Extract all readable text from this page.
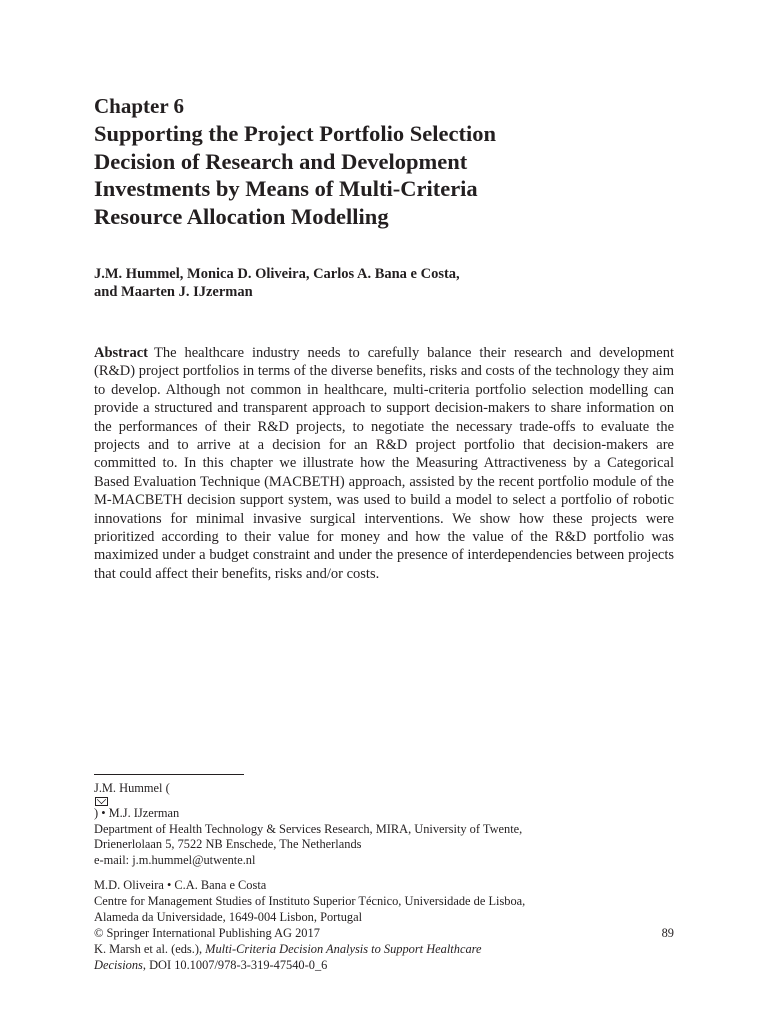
Chapter 6
Supporting the Project Portfolio Selection
Decision of Research and Development
Investments by Means of Multi-Criteria
Resource Allocation Modelling
J.M. Hummel, Monica D. Oliveira, Carlos A. Bana e Costa,
and Maarten J. IJzerman

Abstract The healthcare industry needs to carefully balance their research and development (R&D) project portfolios in terms of the diverse benefits, risks and costs of the technology they aim to develop. Although not common in healthcare, multi-criteria portfolio selection modelling can provide a structured and transparent approach to support decision-makers to share information on the performances of their R&D projects, to negotiate the necessary trade-offs to evaluate the projects and to arrive at a decision for an R&D project portfolio that decision-makers are committed to. In this chapter we illustrate how the Measuring Attractiveness by a Categorical Based Evaluation Technique (MACBETH) approach, assisted by the recent portfolio module of the M-MACBETH decision support system, was used to build a model to select a portfolio of robotic innovations for minimal invasive surgical interventions. We show how these projects were prioritized according to their value for money and how the value of the R&D portfolio was maximized under a budget constraint and under the presence of interdependencies between projects that could affect their benefits, risks and/or costs.

J.M. Hummel (
) • M.J. IJzerman
Department of Health Technology & Services Research, MIRA, University of Twente,
Drienerlolaan 5, 7522 NB Enschede, The Netherlands
e-mail: j.m.hummel@utwente.nl
M.D. Oliveira • C.A. Bana e Costa
Centre for Management Studies of Instituto Superior Técnico, Universidade de Lisboa,
Alameda da Universidade, 1649-004 Lisbon, Portugal
© Springer International Publishing AG 2017	89
K. Marsh et al. (eds.), Multi-Criteria Decision Analysis to Support Healthcare
Decisions, DOI 10.1007/978-3-319-47540-0_6
